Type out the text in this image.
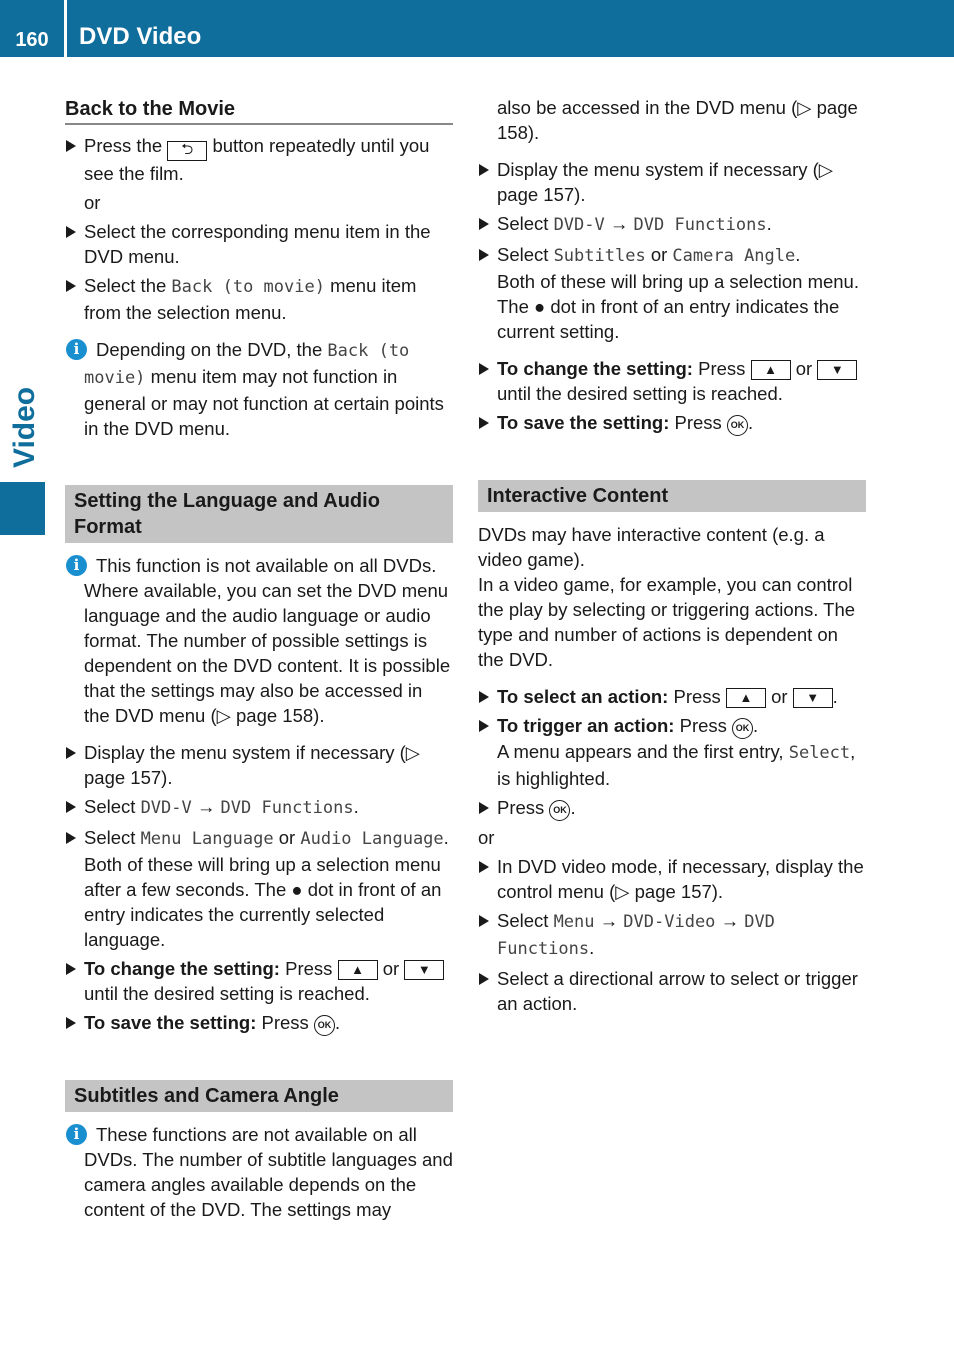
160	DVD Video
Video
Back to the Movie

Press the ⮌ button repeatedly until you see the film.

or

Select the corresponding menu item in the DVD menu.

Select the Back (to movie) menu item from the selection menu.

i Depending on the DVD, the Back (to movie) menu item may not function in general or may not function at certain points in the DVD menu.

Setting the Language and Audio Format
i This function is not available on all DVDs. Where available, you can set the DVD menu language and the audio language or audio format. The number of possible settings is dependent on the DVD content. It is possible that the settings may also be accessed in the DVD menu (▷ page 158).

Display the menu system if necessary (▷ page 157).

Select DVD-V → DVD Functions.

Select Menu Language or Audio Language.

Both of these will bring up a selection menu after a few seconds. The ● dot in front of an entry indicates the currently selected language.

To change the setting: Press ▲ or ▼ until the desired setting is reached.

To save the setting: Press OK .

Subtitles and Camera Angle
i These functions are not available on all DVDs. The number of subtitle languages and camera angles available depends on the content of the DVD. The settings may

also be accessed in the DVD menu (▷ page 158).

Display the menu system if necessary (▷ page 157).

Select DVD-V → DVD Functions.

Select Subtitles or Camera Angle.

Both of these will bring up a selection menu. The ● dot in front of an entry indicates the current setting.

To change the setting: Press ▲ or ▼ until the desired setting is reached.

To save the setting: Press OK .

Interactive Content

DVDs may have interactive content (e.g. a video game).

In a video game, for example, you can control the play by selecting or triggering actions. The type and number of actions is dependent on the DVD.

To select an action: Press ▲ or ▼ .

To trigger an action: Press OK .

A menu appears and the first entry, Select, is highlighted.

Press OK .

or

In DVD video mode, if necessary, display the control menu (▷ page 157).

Select Menu → DVD-Video → DVD Functions.

Select a directional arrow to select or trigger an action.
